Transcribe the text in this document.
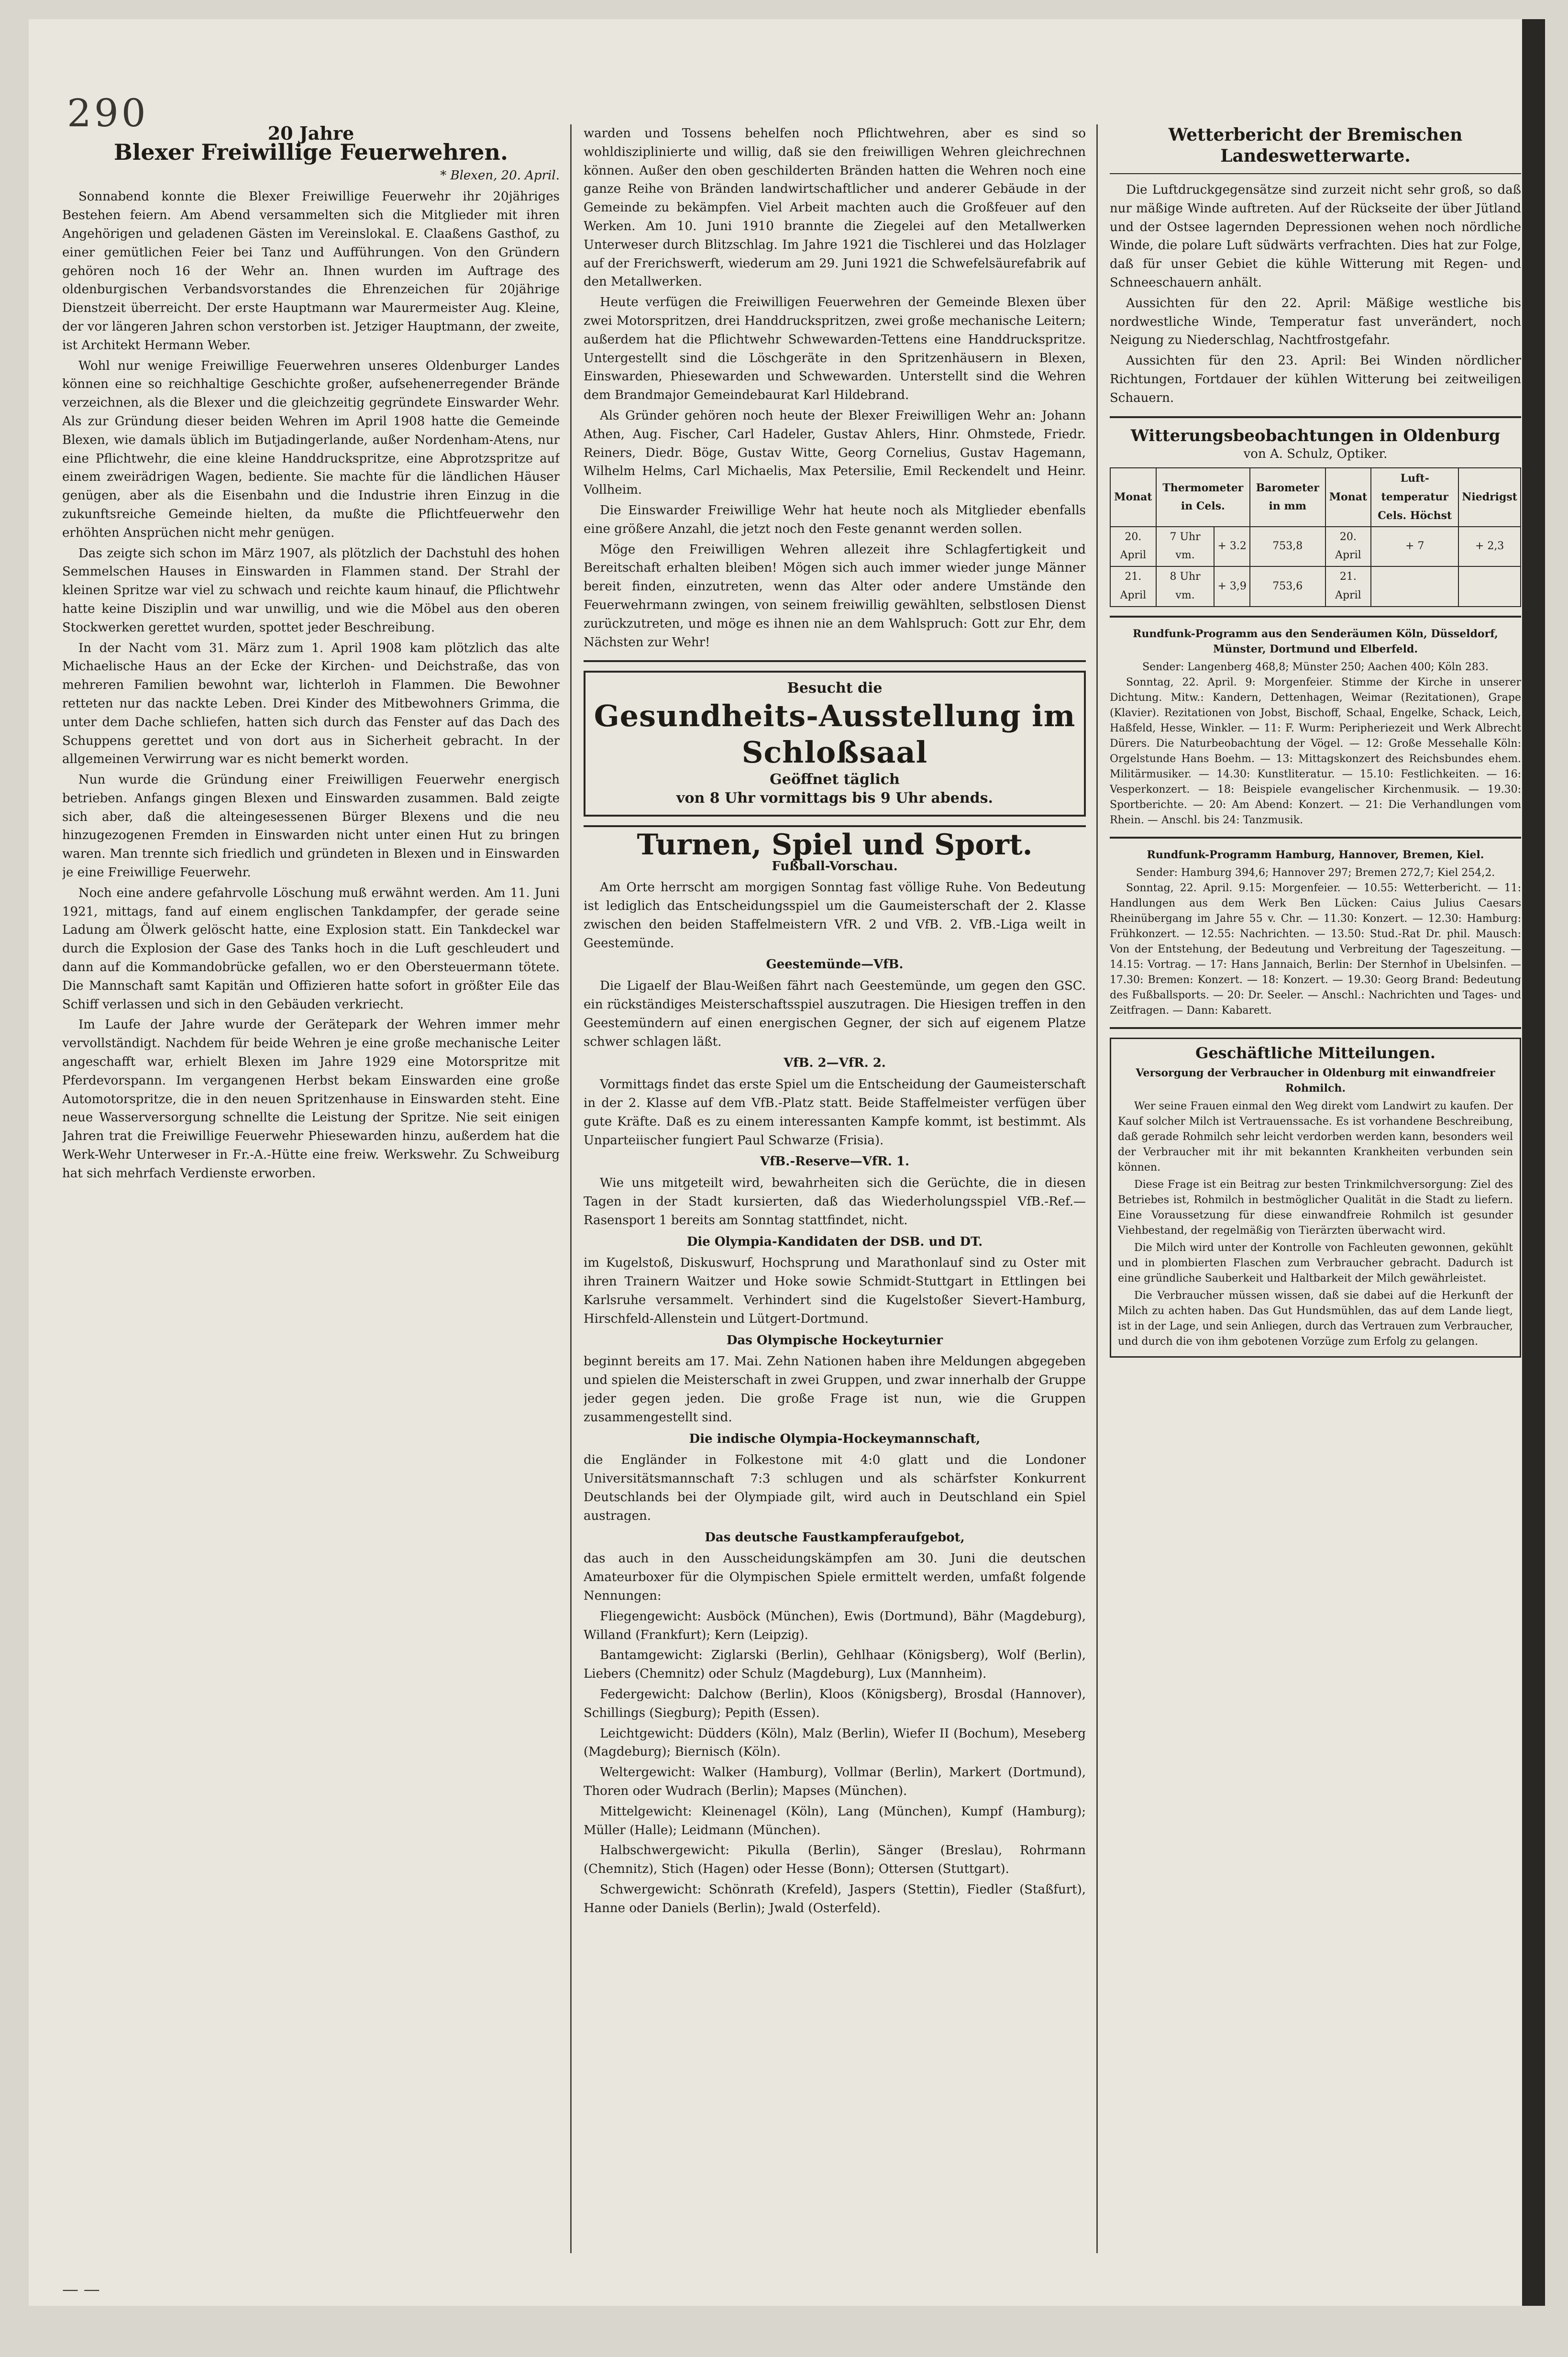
290	20 Jahre
Blexer Freiwillige Feuerwehren.
* Blexen, 20. April.

Sonnabend konnte die Blexer Freiwillige Feuerwehr ihr 20jähriges Bestehen feiern. Am Abend versammelten sich die Mitglieder mit ihren Angehörigen und geladenen Gästen im Vereinslokal. E. Claaßens Gasthof, zu einer gemütlichen Feier bei Tanz und Aufführungen. Von den Gründern gehören noch 16 der Wehr an. Ihnen wurden im Auftrage des oldenburgischen Verbandsvorstandes die Ehrenzeichen für 20jährige Dienstzeit überreicht. Der erste Hauptmann war Maurermeister Aug. Kleine, der vor längeren Jahren schon verstorben ist. Jetziger Hauptmann, der zweite, ist Architekt Hermann Weber.

Wohl nur wenige Freiwillige Feuerwehren unseres Oldenburger Landes können eine so reichhaltige Geschichte großer, aufsehenerregender Brände verzeichnen, als die Blexer und die gleichzeitig gegründete Einswarder Wehr. Als zur Gründung dieser beiden Wehren im April 1908 hatte die Gemeinde Blexen, wie damals üblich im Butjadingerlande, außer Nordenham-Atens, nur eine Pflichtwehr, die eine kleine Handdruckspritze, eine Abprotzspritze auf einem zweirädrigen Wagen, bediente. Sie machte für die ländlichen Häuser genügen, aber als die Eisenbahn und die Industrie ihren Einzug in die zukunftsreiche Gemeinde hielten, da mußte die Pflichtfeuerwehr den erhöhten Ansprüchen nicht mehr genügen.

Das zeigte sich schon im März 1907, als plötzlich der Dachstuhl des hohen Semmelschen Hauses in Einswarden in Flammen stand. Der Strahl der kleinen Spritze war viel zu schwach und reichte kaum hinauf, die Pflichtwehr hatte keine Disziplin und war unwillig, und wie die Möbel aus den oberen Stockwerken gerettet wurden, spottet jeder Beschreibung.

In der Nacht vom 31. März zum 1. April 1908 kam plötzlich das alte Michaelische Haus an der Ecke der Kirchen- und Deichstraße, das von mehreren Familien bewohnt war, lichterloh in Flammen. Die Bewohner retteten nur das nackte Leben. Drei Kinder des Mitbewohners Grimma, die unter dem Dache schliefen, hatten sich durch das Fenster auf das Dach des Schuppens gerettet und von dort aus in Sicherheit gebracht. In der allgemeinen Verwirrung war es nicht bemerkt worden.

Nun wurde die Gründung einer Freiwilligen Feuerwehr energisch betrieben. Anfangs gingen Blexen und Einswarden zusammen. Bald zeigte sich aber, daß die alteingesessenen Bürger Blexens und die neu hinzugezogenen Fremden in Einswarden nicht unter einen Hut zu bringen waren. Man trennte sich friedlich und gründeten in Blexen und in Einswarden je eine Freiwillige Feuerwehr.

Noch eine andere gefahrvolle Löschung muß erwähnt werden. Am 11. Juni 1921, mittags, fand auf einem englischen Tankdampfer, der gerade seine Ladung am Ölwerk gelöscht hatte, eine Explosion statt. Ein Tankdeckel war durch die Explosion der Gase des Tanks hoch in die Luft geschleudert und dann auf die Kommandobrücke gefallen, wo er den Obersteuermann tötete. Die Mannschaft samt Kapitän und Offizieren hatte sofort in größter Eile das Schiff verlassen und sich in den Gebäuden verkriecht.

Im Laufe der Jahre wurde der Gerätepark der Wehren immer mehr vervollständigt. Nachdem für beide Wehren je eine große mechanische Leiter angeschafft war, erhielt Blexen im Jahre 1929 eine Motorspritze mit Pferdevorspann. Im vergangenen Herbst bekam Einswarden eine große Automotorspritze, die in den neuen Spritzenhause in Einswarden steht. Eine neue Wasserversorgung schnellte die Leistung der Spritze. Nie seit einigen Jahren trat die Freiwillige Feuerwehr Phiesewarden hinzu, außerdem hat die Werk-Wehr Unterweser in Fr.-A.-Hütte eine freiw. Werkswehr. Zu Schweiburg hat sich mehrfach Verdienste erworben.

warden und Tossens behelfen noch Pflichtwehren, aber es sind so wohldisziplinierte und willig, daß sie den freiwilligen Wehren gleichrechnen können. Außer den oben geschilderten Bränden hatten die Wehren noch eine ganze Reihe von Bränden landwirtschaftlicher und anderer Gebäude in der Gemeinde zu bekämpfen. Viel Arbeit machten auch die Großfeuer auf den Werken. Am 10. Juni 1910 brannte die Ziegelei auf den Metallwerken Unterweser durch Blitzschlag. Im Jahre 1921 die Tischlerei und das Holzlager auf der Frerichswerft, wiederum am 29. Juni 1921 die Schwefelsäurefabrik auf den Metallwerken.

Heute verfügen die Freiwilligen Feuerwehren der Gemeinde Blexen über zwei Motorspritzen, drei Handdruckspritzen, zwei große mechanische Leitern; außerdem hat die Pflichtwehr Schwewarden-Tettens eine Handdruckspritze. Untergestellt sind die Löschgeräte in den Spritzenhäusern in Blexen, Einswarden, Phiesewarden und Schwewarden. Unterstellt sind die Wehren dem Brandmajor Gemeindebaurat Karl Hildebrand.

Als Gründer gehören noch heute der Blexer Freiwilligen Wehr an: Johann Athen, Aug. Fischer, Carl Hadeler, Gustav Ahlers, Hinr. Ohmstede, Friedr. Reiners, Diedr. Böge, Gustav Witte, Georg Cornelius, Gustav Hagemann, Wilhelm Helms, Carl Michaelis, Max Petersilie, Emil Reckendelt und Heinr. Vollheim.

Die Einswarder Freiwillige Wehr hat heute noch als Mitglieder ebenfalls eine größere Anzahl, die jetzt noch den Feste genannt werden sollen.

Möge den Freiwilligen Wehren allezeit ihre Schlagfertigkeit und Bereitschaft erhalten bleiben! Mögen sich auch immer wieder junge Männer bereit finden, einzutreten, wenn das Alter oder andere Umstände den Feuerwehrmann zwingen, von seinem freiwillig gewählten, selbstlosen Dienst zurückzutreten, und möge es ihnen nie an dem Wahlspruch: Gott zur Ehr, dem Nächsten zur Wehr!

Besucht die
Gesundheits-Ausstellung im Schloßsaal
Geöffnet täglich
von 8 Uhr vormittags bis 9 Uhr abends.
Turnen, Spiel und Sport.
Fußball-Vorschau.

Am Orte herrscht am morgigen Sonntag fast völlige Ruhe. Von Bedeutung ist lediglich das Entscheidungsspiel um die Gaumeisterschaft der 2. Klasse zwischen den beiden Staffelmeistern VfR. 2 und VfB. 2. VfB.-Liga weilt in Geestemünde.

Geestemünde—VfB.

Die Ligaelf der Blau-Weißen fährt nach Geestemünde, um gegen den GSC. ein rückständiges Meisterschaftsspiel auszutragen. Die Hiesigen treffen in den Geestemündern auf einen energischen Gegner, der sich auf eigenem Platze schwer schlagen läßt.

VfB. 2—VfR. 2.

Vormittags findet das erste Spiel um die Entscheidung der Gaumeisterschaft in der 2. Klasse auf dem VfB.-Platz statt. Beide Staffelmeister verfügen über gute Kräfte. Daß es zu einem interessanten Kampfe kommt, ist bestimmt. Als Unparteiischer fungiert Paul Schwarze (Frisia).

VfB.-Reserve—VfR. 1.

Wie uns mitgeteilt wird, bewahrheiten sich die Gerüchte, die in diesen Tagen in der Stadt kursierten, daß das Wiederholungsspiel VfB.-Ref.—Rasensport 1 bereits am Sonntag stattfindet, nicht.

Die Olympia-Kandidaten der DSB. und DT.

im Kugelstoß, Diskuswurf, Hochsprung und Marathonlauf sind zu Oster mit ihren Trainern Waitzer und Hoke sowie Schmidt-Stuttgart in Ettlingen bei Karlsruhe versammelt. Verhindert sind die Kugelstoßer Sievert-Hamburg, Hirschfeld-Allenstein und Lütgert-Dortmund.

Das Olympische Hockeyturnier

beginnt bereits am 17. Mai. Zehn Nationen haben ihre Meldungen abgegeben und spielen die Meisterschaft in zwei Gruppen, und zwar innerhalb der Gruppe jeder gegen jeden. Die große Frage ist nun, wie die Gruppen zusammengestellt sind.

Die indische Olympia-Hockeymannschaft,

die Engländer in Folkestone mit 4:0 glatt und die Londoner Universitätsmannschaft 7:3 schlugen und als schärfster Konkurrent Deutschlands bei der Olympiade gilt, wird auch in Deutschland ein Spiel austragen.

Das deutsche Faustkampferaufgebot,

das auch in den Ausscheidungskämpfen am 30. Juni die deutschen Amateurboxer für die Olympischen Spiele ermittelt werden, umfaßt folgende Nennungen:

Fliegengewicht: Ausböck (München), Ewis (Dortmund), Bähr (Magdeburg), Willand (Frankfurt); Kern (Leipzig).

Bantamgewicht: Ziglarski (Berlin), Gehlhaar (Königsberg), Wolf (Berlin), Liebers (Chemnitz) oder Schulz (Magdeburg), Lux (Mannheim).

Federgewicht: Dalchow (Berlin), Kloos (Königsberg), Brosdal (Hannover), Schillings (Siegburg); Pepith (Essen).

Leichtgewicht: Düdders (Köln), Malz (Berlin), Wiefer II (Bochum), Meseberg (Magdeburg); Biernisch (Köln).

Weltergewicht: Walker (Hamburg), Vollmar (Berlin), Markert (Dortmund), Thoren oder Wudrach (Berlin); Mapses (München).

Mittelgewicht: Kleinenagel (Köln), Lang (München), Kumpf (Hamburg); Müller (Halle); Leidmann (München).

Halbschwergewicht: Pikulla (Berlin), Sänger (Breslau), Rohrmann (Chemnitz), Stich (Hagen) oder Hesse (Bonn); Ottersen (Stuttgart).

Schwergewicht: Schönrath (Krefeld), Jaspers (Stettin), Fiedler (Staßfurt), Hanne oder Daniels (Berlin); Jwald (Osterfeld).

Wetterbericht der Bremischen Landeswetterwarte.

Die Luftdruckgegensätze sind zurzeit nicht sehr groß, so daß nur mäßige Winde auftreten. Auf der Rückseite der über Jütland und der Ostsee lagernden Depressionen wehen noch nördliche Winde, die polare Luft südwärts verfrachten. Dies hat zur Folge, daß für unser Gebiet die kühle Witterung mit Regen- und Schneeschauern anhält.

Aussichten für den 22. April: Mäßige westliche bis nordwestliche Winde, Temperatur fast unverändert, noch Neigung zu Niederschlag, Nachtfrostgefahr.

Aussichten für den 23. April: Bei Winden nördlicher Richtungen, Fortdauer der kühlen Witterung bei zeitweiligen Schauern.

Witterungsbeobachtungen in Oldenburg
von A. Schulz, Optiker.
Monat	Thermometer in Cels.		Barometer in mm	Monat	Lufttemperatur Cels. Höchst	Niedrigst
20. April	7 Uhr vm.	+ 3.2	753,8	20. April	+ 7	+ 2,3
21. April	8 Uhr vm.	+ 3,9	753,6	21. April		
Rundfunk-Programm aus den Senderäumen Köln, Düsseldorf, Münster, Dortmund und Elberfeld.
Sender: Langenberg 468,8; Münster 250; Aachen 400; Köln 283.

Sonntag, 22. April. 9: Morgenfeier. Stimme der Kirche in unserer Dichtung. Mitw.: Kandern, Dettenhagen, Weimar (Rezitationen), Grape (Klavier). Rezitationen von Jobst, Bischoff, Schaal, Engelke, Schack, Leich, Haßfeld, Hesse, Winkler. — 11: F. Wurm: Peripheriezeit und Werk Albrecht Dürers. Die Naturbeobachtung der Vögel. — 12: Große Messehalle Köln: Orgelstunde Hans Boehm. — 13: Mittagskonzert des Reichsbundes ehem. Militärmusiker. — 14.30: Kunstliteratur. — 15.10: Festlichkeiten. — 16: Vesperkonzert. — 18: Beispiele evangelischer Kirchenmusik. — 19.30: Sportberichte. — 20: Am Abend: Konzert. — 21: Die Verhandlungen vom Rhein. — Anschl. bis 24: Tanzmusik.

Rundfunk-Programm Hamburg, Hannover, Bremen, Kiel.
Sender: Hamburg 394,6; Hannover 297; Bremen 272,7; Kiel 254,2.

Sonntag, 22. April. 9.15: Morgenfeier. — 10.55: Wetterbericht. — 11: Handlungen aus dem Werk Ben Lücken: Caius Julius Caesars Rheinübergang im Jahre 55 v. Chr. — 11.30: Konzert. — 12.30: Hamburg: Frühkonzert. — 12.55: Nachrichten. — 13.50: Stud.-Rat Dr. phil. Mausch: Von der Entstehung, der Bedeutung und Verbreitung der Tageszeitung. — 14.15: Vortrag. — 17: Hans Jannaich, Berlin: Der Sternhof in Ubelsinfen. — 17.30: Bremen: Konzert. — 18: Konzert. — 19.30: Georg Brand: Bedeutung des Fußballsports. — 20: Dr. Seeler. — Anschl.: Nachrichten und Tages- und Zeitfragen. — Dann: Kabarett.

Geschäftliche Mitteilungen.
Versorgung der Verbraucher in Oldenburg mit einwandfreier Rohmilch.

Wer seine Frauen einmal den Weg direkt vom Landwirt zu kaufen. Der Kauf solcher Milch ist Vertrauenssache. Es ist vorhandene Beschreibung, daß gerade Rohmilch sehr leicht verdorben werden kann, besonders weil der Verbraucher mit ihr mit bekannten Krankheiten verbunden sein können.

Diese Frage ist ein Beitrag zur besten Trinkmilchversorgung: Ziel des Betriebes ist, Rohmilch in bestmöglicher Qualität in die Stadt zu liefern. Eine Voraussetzung für diese einwandfreie Rohmilch ist gesunder Viehbestand, der regelmäßig von Tierärzten überwacht wird.

Die Milch wird unter der Kontrolle von Fachleuten gewonnen, gekühlt und in plombierten Flaschen zum Verbraucher gebracht. Dadurch ist eine gründliche Sauberkeit und Haltbarkeit der Milch gewährleistet.

Die Verbraucher müssen wissen, daß sie dabei auf die Herkunft der Milch zu achten haben. Das Gut Hundsmühlen, das auf dem Lande liegt, ist in der Lage, und sein Anliegen, durch das Vertrauen zum Verbraucher, und durch die von ihm gebotenen Vorzüge zum Erfolg zu gelangen.

— —
